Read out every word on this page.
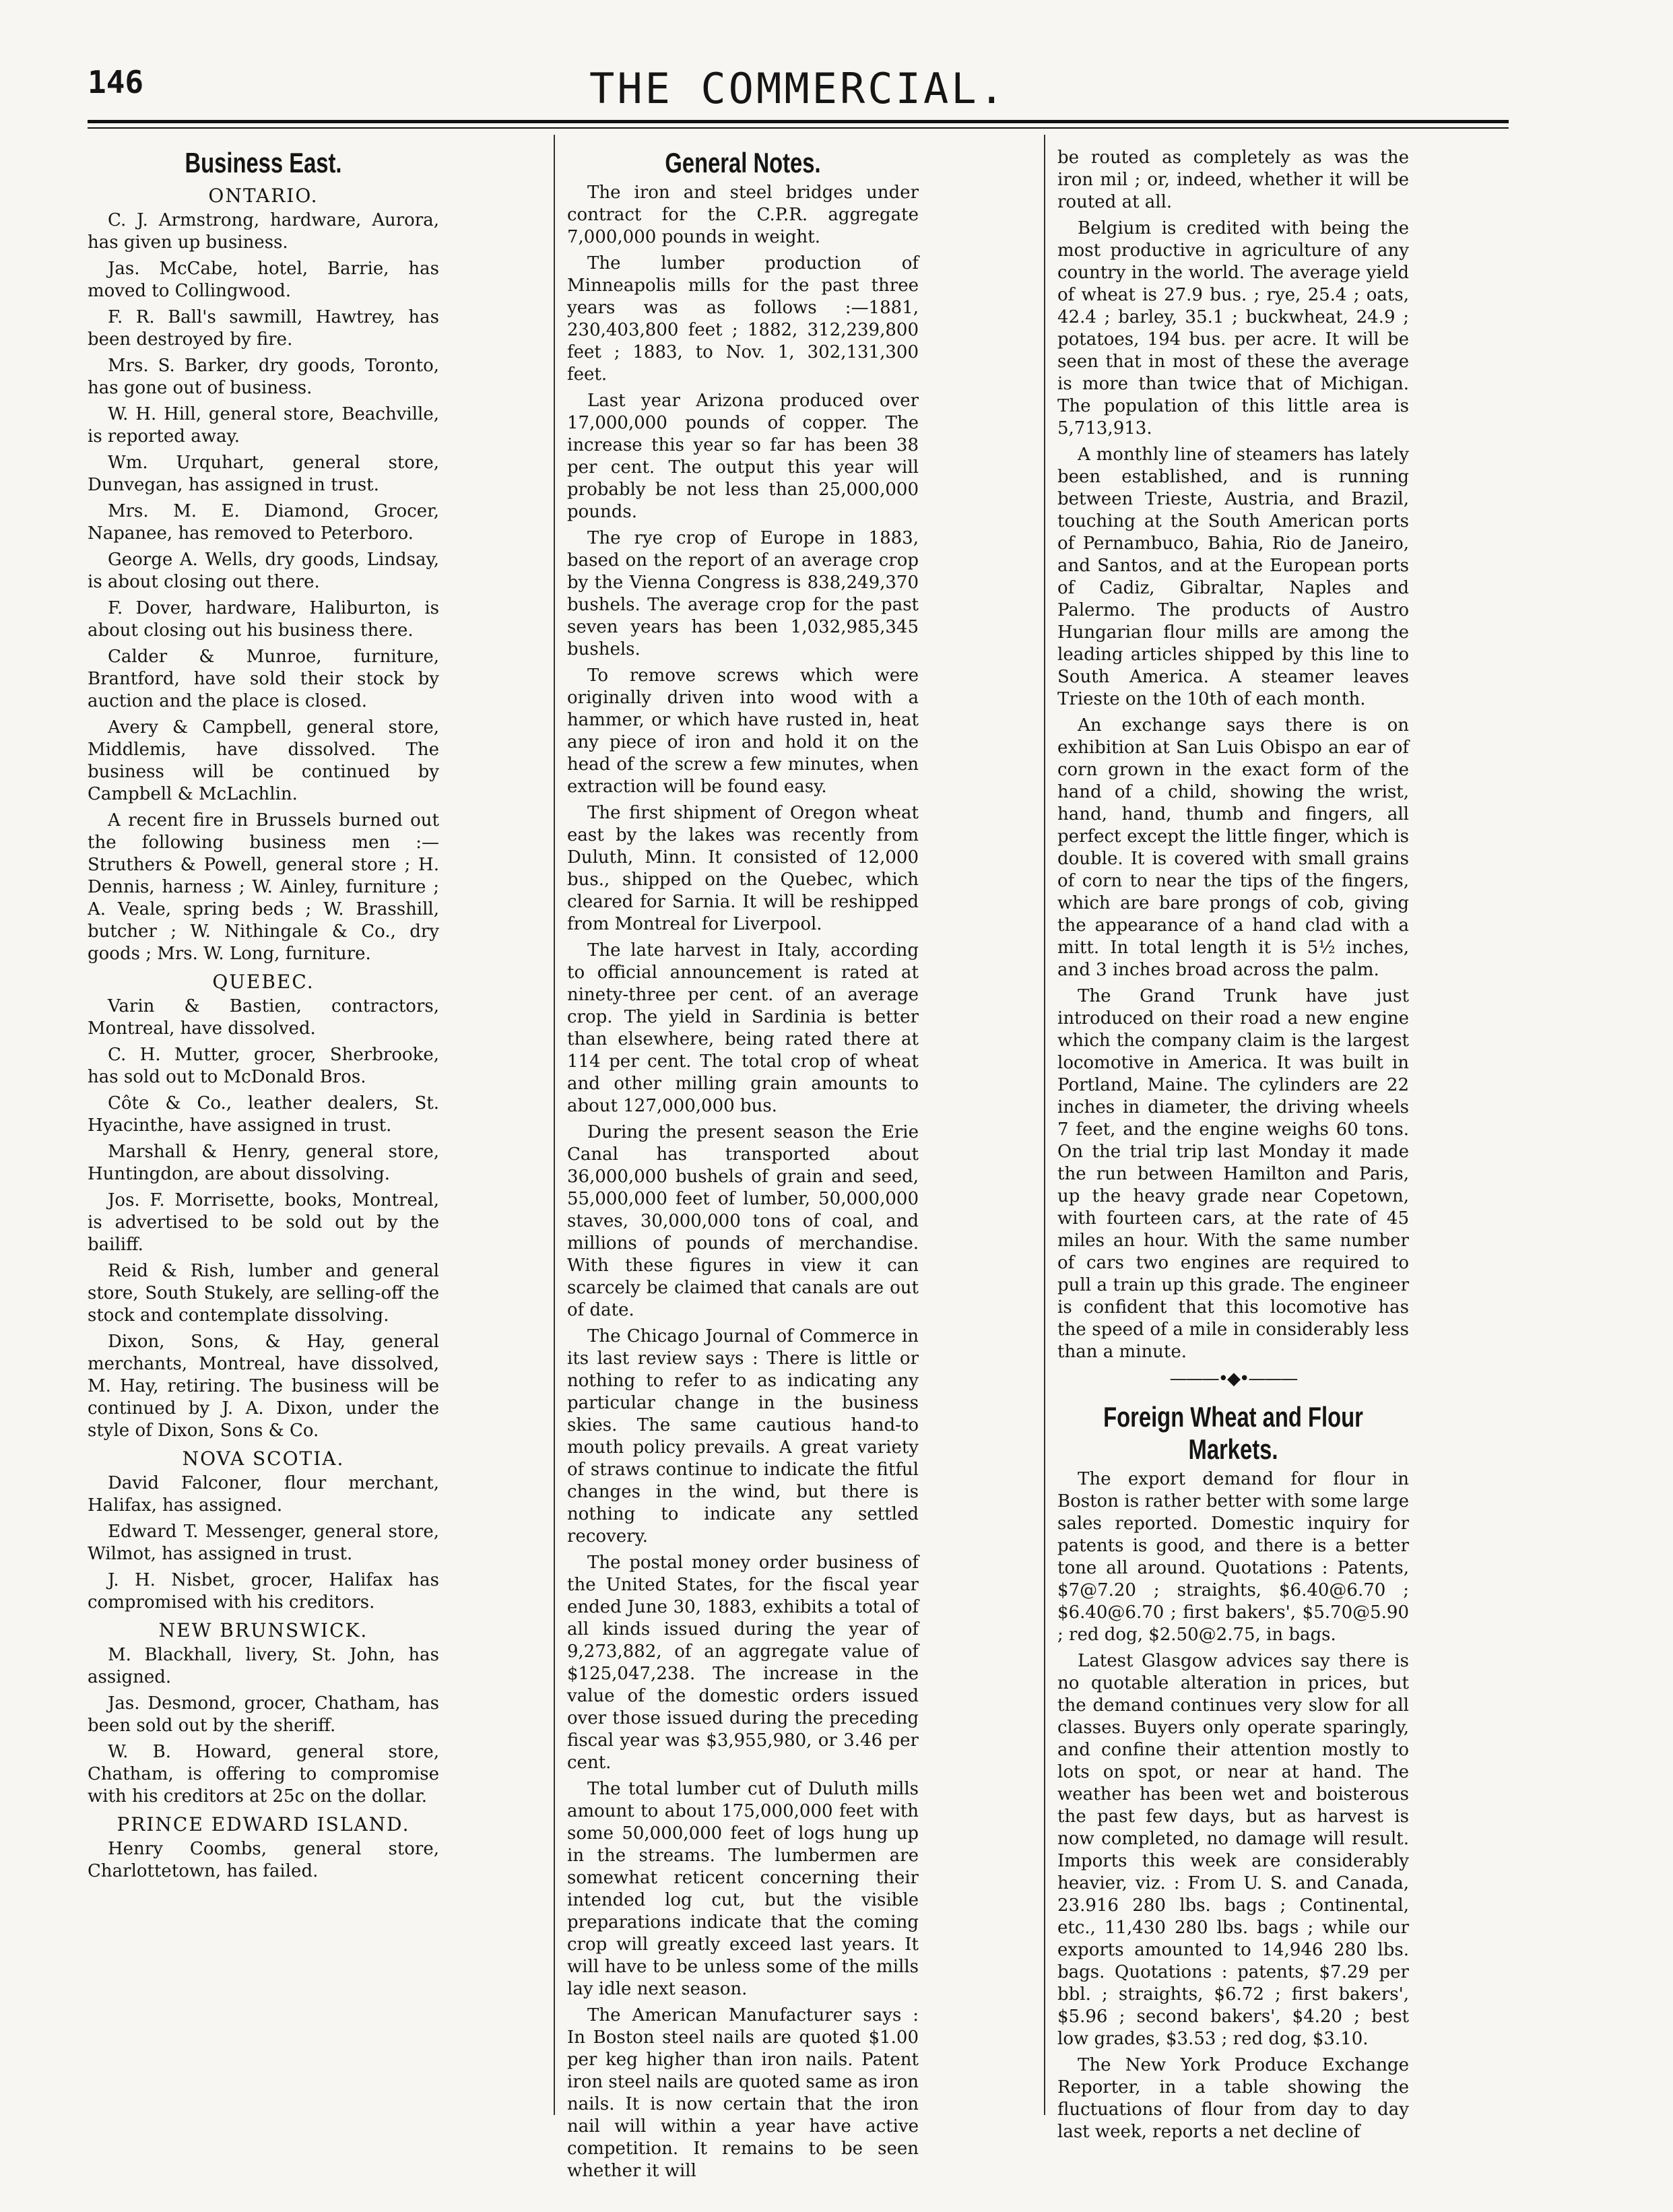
146	THE COMMERCIAL.
Business East.
ONTARIO.

C. J. Armstrong, hardware, Aurora, has given up business.

Jas. McCabe, hotel, Barrie, has moved to Collingwood.

F. R. Ball's sawmill, Hawtrey, has been destroyed by fire.

Mrs. S. Barker, dry goods, Toronto, has gone out of business.

W. H. Hill, general store, Beachville, is reported away.

Wm. Urquhart, general store, Dunvegan, has assigned in trust.

Mrs. M. E. Diamond, Grocer, Napanee, has removed to Peterboro.

George A. Wells, dry goods, Lindsay, is about closing out there.

F. Dover, hardware, Haliburton, is about closing out his business there.

Calder & Munroe, furniture, Brantford, have sold their stock by auction and the place is closed.

Avery & Campbell, general store, Middlemis, have dissolved. The business will be continued by Campbell & McLachlin.

A recent fire in Brussels burned out the following business men :—Struthers & Powell, general store ; H. Dennis, harness ; W. Ainley, furniture ; A. Veale, spring beds ; W. Brasshill, butcher ; W. Nithingale & Co., dry goods ; Mrs. W. Long, furniture.

QUEBEC.

Varin & Bastien, contractors, Montreal, have dissolved.

C. H. Mutter, grocer, Sherbrooke, has sold out to McDonald Bros.

Côte & Co., leather dealers, St. Hyacinthe, have assigned in trust.

Marshall & Henry, general store, Huntingdon, are about dissolving.

Jos. F. Morrisette, books, Montreal, is advertised to be sold out by the bailiff.

Reid & Rish, lumber and general store, South Stukely, are selling-off the stock and contemplate dissolving.

Dixon, Sons, & Hay, general merchants, Montreal, have dissolved, M. Hay, retiring. The business will be continued by J. A. Dixon, under the style of Dixon, Sons & Co.

NOVA SCOTIA.

David Falconer, flour merchant, Halifax, has assigned.

Edward T. Messenger, general store, Wilmot, has assigned in trust.

J. H. Nisbet, grocer, Halifax has compromised with his creditors.

NEW BRUNSWICK.

M. Blackhall, livery, St. John, has assigned.

Jas. Desmond, grocer, Chatham, has been sold out by the sheriff.

W. B. Howard, general store, Chatham, is offering to compromise with his creditors at 25c on the dollar.

PRINCE EDWARD ISLAND.

Henry Coombs, general store, Charlottetown, has failed.

General Notes.

The iron and steel bridges under contract for the C.P.R. aggregate 7,000,000 pounds in weight.

The lumber production of Minneapolis mills for the past three years was as follows :—1881, 230,403,800 feet ; 1882, 312,239,800 feet ; 1883, to Nov. 1, 302,131,300 feet.

Last year Arizona produced over 17,000,000 pounds of copper. The increase this year so far has been 38 per cent. The output this year will probably be not less than 25,000,000 pounds.

The rye crop of Europe in 1883, based on the report of an average crop by the Vienna Congress is 838,249,370 bushels. The average crop for the past seven years has been 1,032,985,345 bushels.

To remove screws which were originally driven into wood with a hammer, or which have rusted in, heat any piece of iron and hold it on the head of the screw a few minutes, when extraction will be found easy.

The first shipment of Oregon wheat east by the lakes was recently from Duluth, Minn. It consisted of 12,000 bus., shipped on the Quebec, which cleared for Sarnia. It will be reshipped from Montreal for Liverpool.

The late harvest in Italy, according to official announcement is rated at ninety-three per cent. of an average crop. The yield in Sardinia is better than elsewhere, being rated there at 114 per cent. The total crop of wheat and other milling grain amounts to about 127,000,000 bus.

During the present season the Erie Canal has transported about 36,000,000 bushels of grain and seed, 55,000,000 feet of lumber, 50,000,000 staves, 30,000,000 tons of coal, and millions of pounds of merchandise. With these figures in view it can scarcely be claimed that canals are out of date.

The Chicago Journal of Commerce in its last review says : There is little or nothing to refer to as indicating any particular change in the business skies. The same cautious hand-to mouth policy prevails. A great variety of straws continue to indicate the fitful changes in the wind, but there is nothing to indicate any settled recovery.

The postal money order business of the United States, for the fiscal year ended June 30, 1883, exhibits a total of all kinds issued during the year of 9,273,882, of an aggregate value of $125,047,238. The increase in the value of the domestic orders issued over those issued during the preceding fiscal year was $3,955,980, or 3.46 per cent.

The total lumber cut of Duluth mills amount to about 175,000,000 feet with some 50,000,000 feet of logs hung up in the streams. The lumbermen are somewhat reticent concerning their intended log cut, but the visible preparations indicate that the coming crop will greatly exceed last years. It will have to be unless some of the mills lay idle next season.

The American Manufacturer says : In Boston steel nails are quoted $1.00 per keg higher than iron nails. Patent iron steel nails are quoted same as iron nails. It is now certain that the iron nail will within a year have active competition. It remains to be seen whether it will

be routed as completely as was the iron mil ; or, indeed, whether it will be routed at all.

Belgium is credited with being the most productive in agriculture of any country in the world. The average yield of wheat is 27.9 bus. ; rye, 25.4 ; oats, 42.4 ; barley, 35.1 ; buckwheat, 24.9 ; potatoes, 194 bus. per acre. It will be seen that in most of these the average is more than twice that of Michigan. The population of this little area is 5,713,913.

A monthly line of steamers has lately been established, and is running between Trieste, Austria, and Brazil, touching at the South American ports of Pernambuco, Bahia, Rio de Janeiro, and Santos, and at the European ports of Cadiz, Gibraltar, Naples and Palermo. The products of Austro Hungarian flour mills are among the leading articles shipped by this line to South America. A steamer leaves Trieste on the 10th of each month.

An exchange says there is on exhibition at San Luis Obispo an ear of corn grown in the exact form of the hand of a child, showing the wrist, hand, hand, thumb and fingers, all perfect except the little finger, which is double. It is covered with small grains of corn to near the tips of the fingers, which are bare prongs of cob, giving the appearance of a hand clad with a mitt. In total length it is 5½ inches, and 3 inches broad across the palm.

The Grand Trunk have just introduced on their road a new engine which the company claim is the largest locomotive in America. It was built in Portland, Maine. The cylinders are 22 inches in diameter, the driving wheels 7 feet, and the engine weighs 60 tons. On the trial trip last Monday it made the run between Hamilton and Paris, up the heavy grade near Copetown, with fourteen cars, at the rate of 45 miles an hour. With the same number of cars two engines are required to pull a train up this grade. The engineer is confident that this locomotive has the speed of a mile in considerably less than a minute.

———•◆•———
Foreign Wheat and Flour Markets.

The export demand for flour in Boston is rather better with some large sales reported. Domestic inquiry for patents is good, and there is a better tone all around. Quotations : Patents, $7@7.20 ; straights, $6.40@6.70 ; $6.40@6.70 ; first bakers', $5.70@5.90 ; red dog, $2.50@2.75, in bags.

Latest Glasgow advices say there is no quotable alteration in prices, but the demand continues very slow for all classes. Buyers only operate sparingly, and confine their attention mostly to lots on spot, or near at hand. The weather has been wet and boisterous the past few days, but as harvest is now completed, no damage will result. Imports this week are considerably heavier, viz. : From U. S. and Canada, 23.916 280 lbs. bags ; Continental, etc., 11,430 280 lbs. bags ; while our exports amounted to 14,946 280 lbs. bags. Quotations : patents, $7.29 per bbl. ; straights, $6.72 ; first bakers', $5.96 ; second bakers', $4.20 ; best low grades, $3.53 ; red dog, $3.10.

The New York Produce Exchange Reporter, in a table showing the fluctuations of flour from day to day last week, reports a net decline of
